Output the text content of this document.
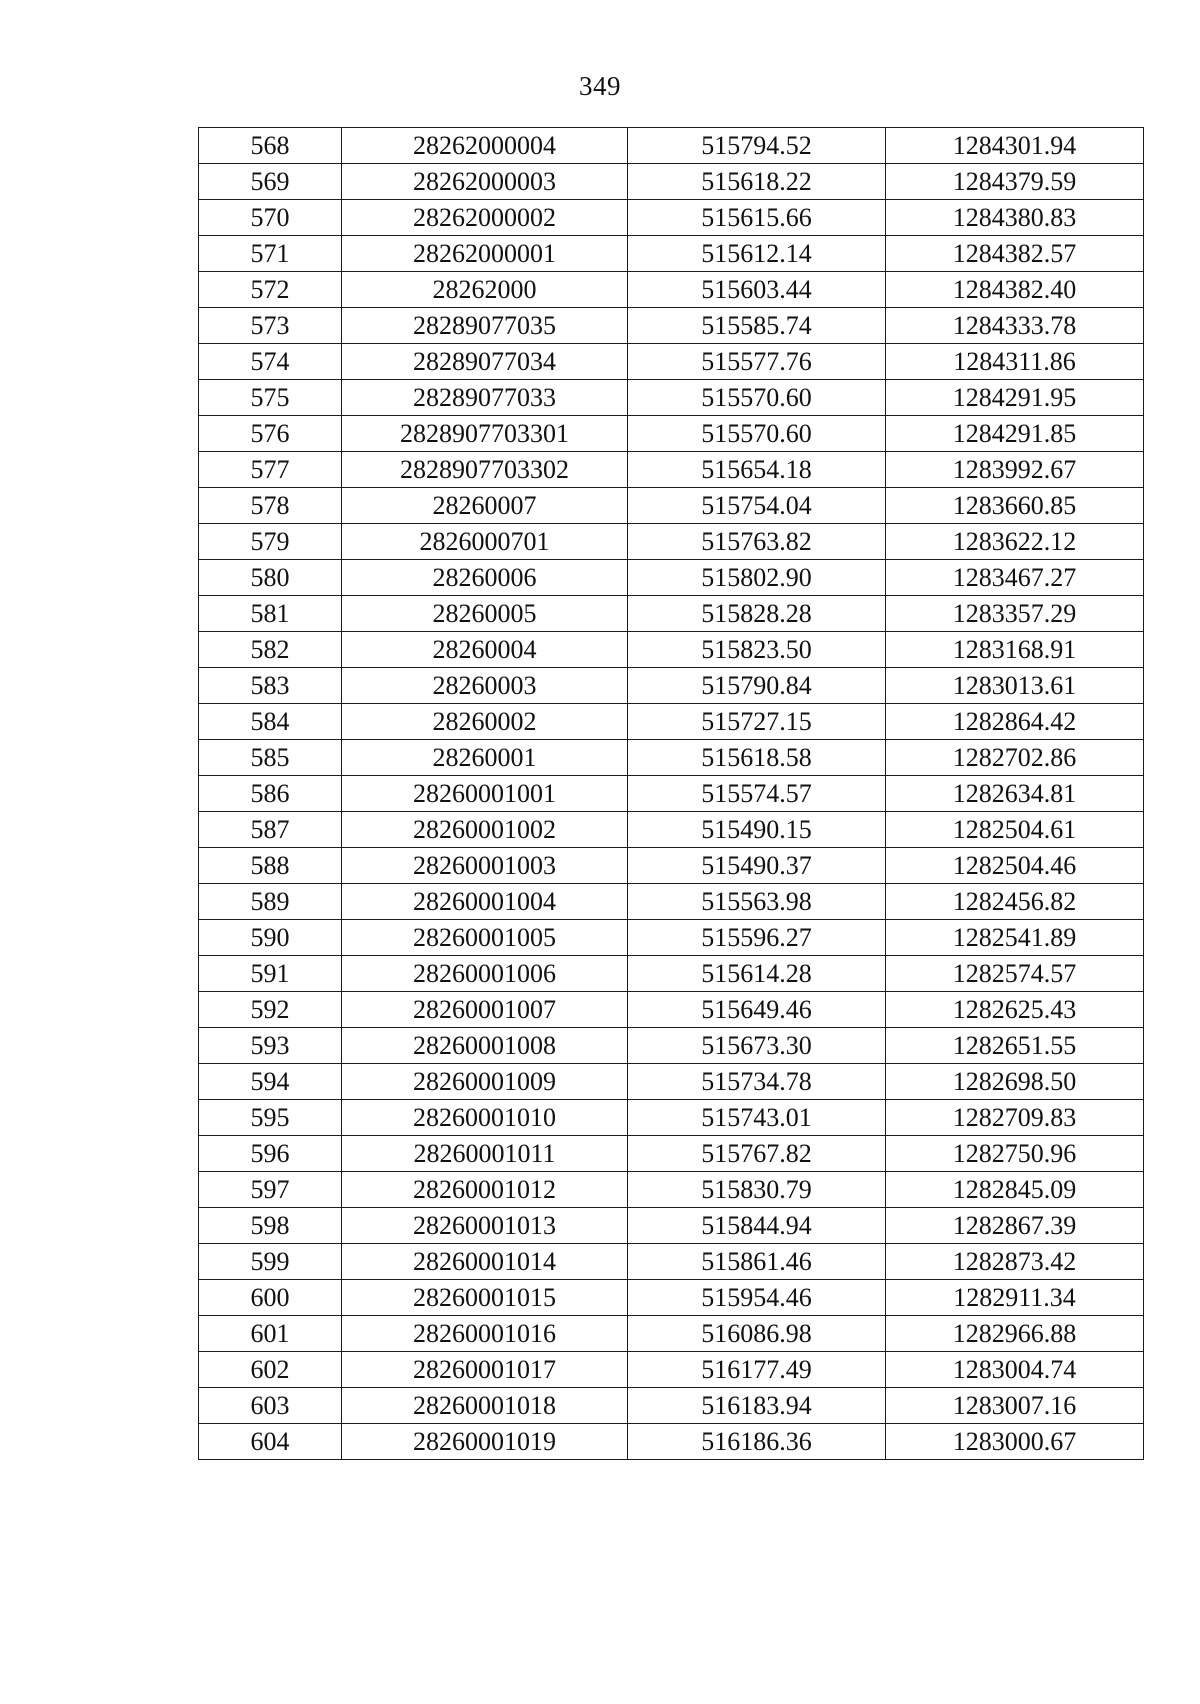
349
568	28262000004	515794.52	1284301.94
569	28262000003	515618.22	1284379.59
570	28262000002	515615.66	1284380.83
571	28262000001	515612.14	1284382.57
572	28262000	515603.44	1284382.40
573	28289077035	515585.74	1284333.78
574	28289077034	515577.76	1284311.86
575	28289077033	515570.60	1284291.95
576	2828907703301	515570.60	1284291.85
577	2828907703302	515654.18	1283992.67
578	28260007	515754.04	1283660.85
579	2826000701	515763.82	1283622.12
580	28260006	515802.90	1283467.27
581	28260005	515828.28	1283357.29
582	28260004	515823.50	1283168.91
583	28260003	515790.84	1283013.61
584	28260002	515727.15	1282864.42
585	28260001	515618.58	1282702.86
586	28260001001	515574.57	1282634.81
587	28260001002	515490.15	1282504.61
588	28260001003	515490.37	1282504.46
589	28260001004	515563.98	1282456.82
590	28260001005	515596.27	1282541.89
591	28260001006	515614.28	1282574.57
592	28260001007	515649.46	1282625.43
593	28260001008	515673.30	1282651.55
594	28260001009	515734.78	1282698.50
595	28260001010	515743.01	1282709.83
596	28260001011	515767.82	1282750.96
597	28260001012	515830.79	1282845.09
598	28260001013	515844.94	1282867.39
599	28260001014	515861.46	1282873.42
600	28260001015	515954.46	1282911.34
601	28260001016	516086.98	1282966.88
602	28260001017	516177.49	1283004.74
603	28260001018	516183.94	1283007.16
604	28260001019	516186.36	1283000.67
